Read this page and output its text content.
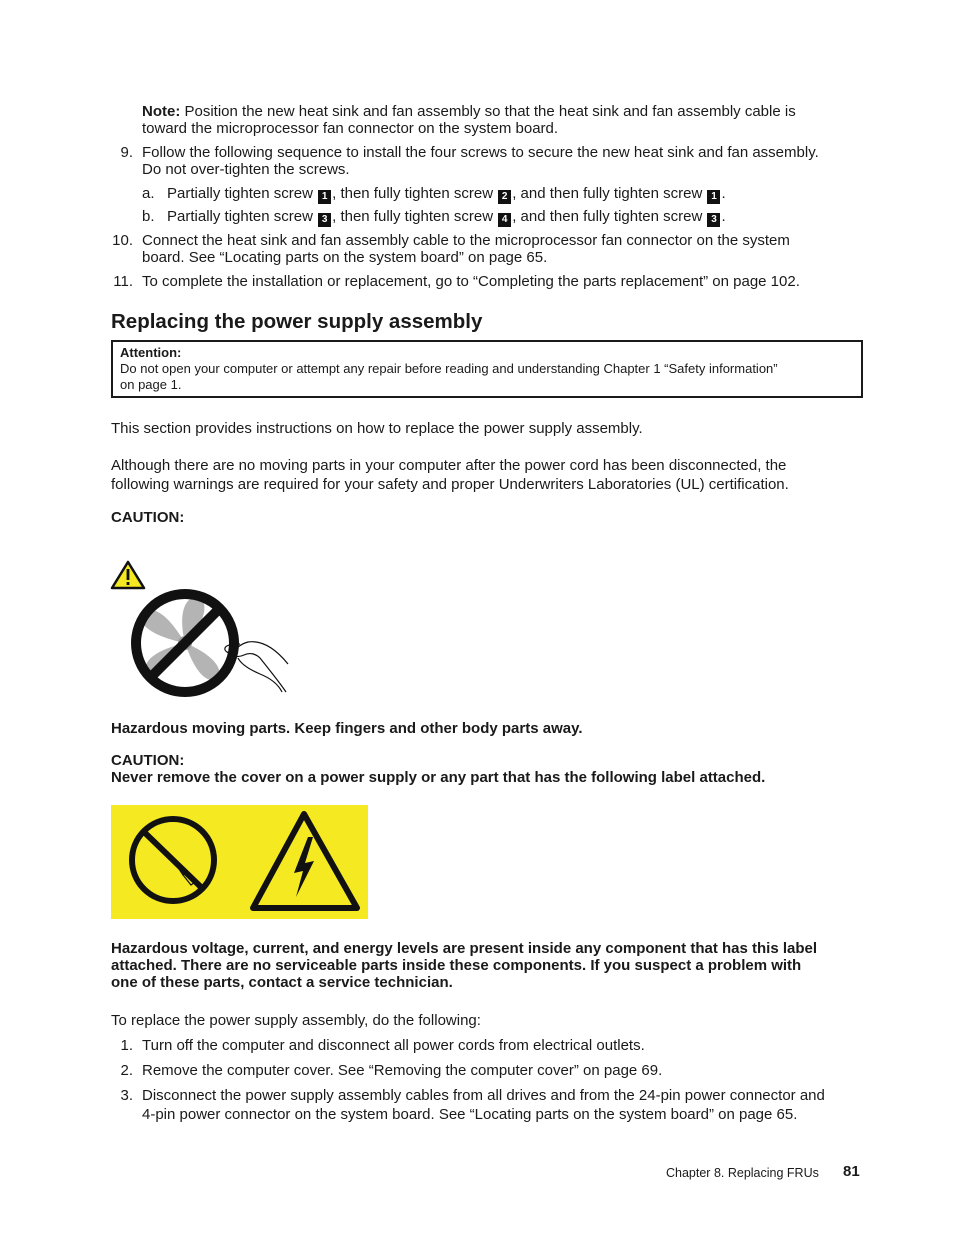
Note: Position the new heat sink and fan assembly so that the heat sink and fan assembly cable is
toward the microprocessor fan connector on the system board.
9. Follow the following sequence to install the four screws to secure the new heat sink and fan assembly.
Do not over-tighten the screws.
a. Partially tighten screw 1 , then fully tighten screw 2 , and then fully tighten screw 1 .
b. Partially tighten screw 3 , then fully tighten screw 4 , and then fully tighten screw 3 .
10. Connect the heat sink and fan assembly cable to the microprocessor fan connector on the system
board. See “Locating parts on the system board” on page 65.
11. To complete the installation or replacement, go to “Completing the parts replacement” on page 102.
Replacing the power supply assembly
Attention:
Do not open your computer or attempt any repair before reading and understanding Chapter 1 “Safety information”
on page 1.
This section provides instructions on how to replace the power supply assembly.
Although there are no moving parts in your computer after the power cord has been disconnected, the
following warnings are required for your safety and proper Underwriters Laboratories (UL) certification.
CAUTION:
Hazardous moving parts. Keep fingers and other body parts away.
CAUTION:
Never remove the cover on a power supply or any part that has the following label attached.
Hazardous voltage, current, and energy levels are present inside any component that has this label
attached. There are no serviceable parts inside these components. If you suspect a problem with
one of these parts, contact a service technician.
To replace the power supply assembly, do the following:
1. Turn off the computer and disconnect all power cords from electrical outlets.
2. Remove the computer cover. See “Removing the computer cover” on page 69.
3. Disconnect the power supply assembly cables from all drives and from the 24-pin power connector and
4-pin power connector on the system board. See “Locating parts on the system board” on page 65.
Chapter 8. Replacing FRUs 81
